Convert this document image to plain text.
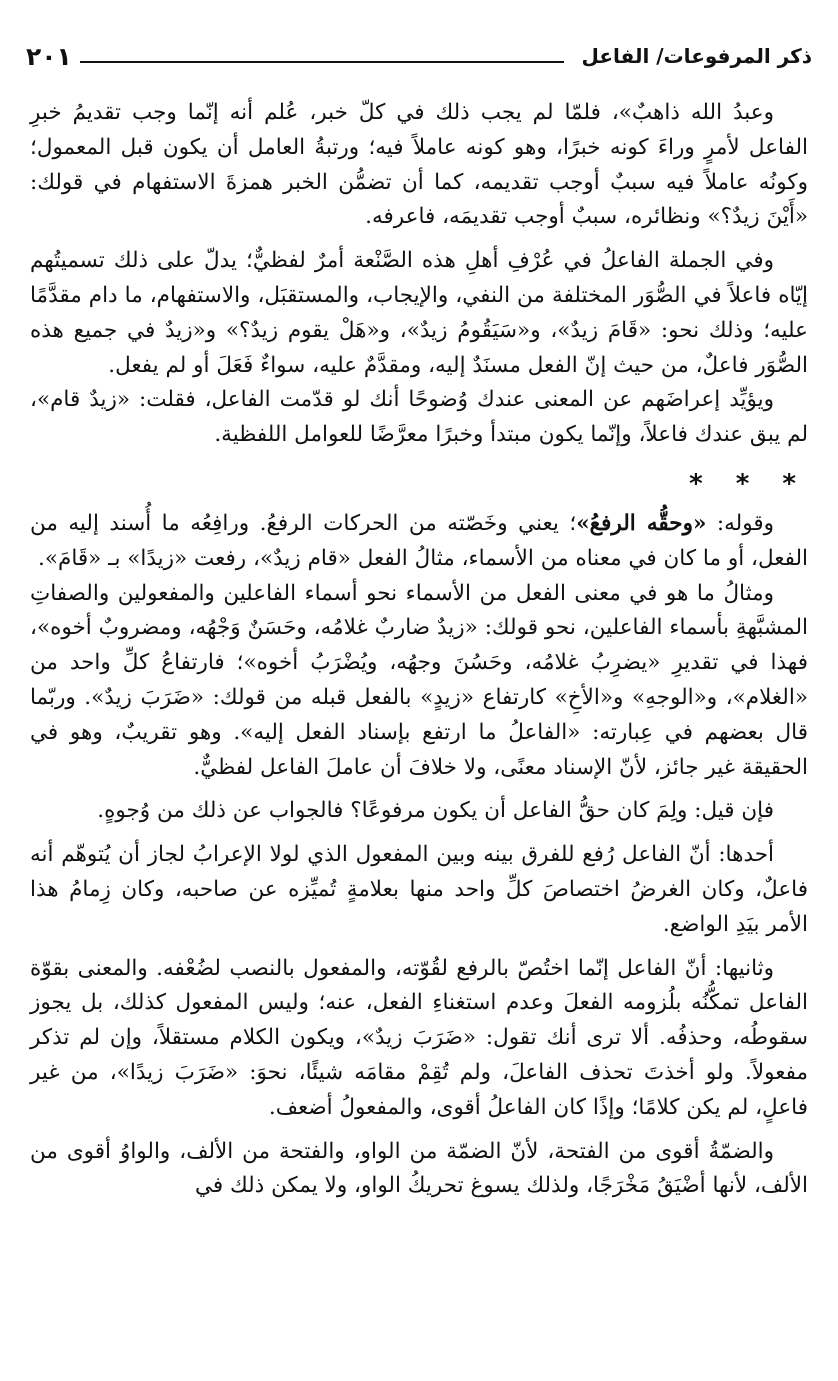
ذكر المرفوعات/ الفاعل
٢٠١

وعبدُ الله ذاهبٌ»، فلمّا لم يجب ذلك في كلّ خبر، عُلم أنه إنّما وجب تقديمُ خبرِ الفاعل لأمرٍ وراءَ كونه خبرًا، وهو كونه عاملاً فيه؛ ورتبةُ العامل أن يكون قبل المعمول؛ وكونُه عاملاً فيه سببٌ أوجب تقديمه، كما أن تضمُّن الخبر همزةَ الاستفهام في قولك: «أَيْنَ زيدٌ؟» ونظائره، سببٌ أوجب تقديمَه، فاعرفه.

وفي الجملة الفاعلُ في عُرْفِ أهلِ هذه الصَّنْعة أمرٌ لفظيٌّ؛ يدلّ على ذلك تسميتُهم إيّاه فاعلاً في الصُّوَر المختلفة من النفي، والإيجاب، والمستقبَل، والاستفهام، ما دام مقدَّمًا عليه؛ وذلك نحو: «قَامَ زيدٌ»، و«سَيَقُومُ زيدٌ»، و«هَلْ يقوم زيدٌ؟» و«زيدٌ في جميع هذه الصُّوَر فاعلٌ، من حيث إنّ الفعل مسنَدٌ إليه، ومقدَّمٌ عليه، سواءٌ فَعَلَ أو لم يفعل.

ويؤيِّد إعراضَهم عن المعنى عندك وُضوحًا أنك لو قدّمت الفاعل، فقلت: «زيدٌ قام»، لم يبق عندك فاعلاً، وإنّما يكون مبتدأ وخبرًا معرَّضًا للعوامل اللفظية.

* * *

وقوله: «وحقُّه الرفعُ»؛ يعني وخَصّته من الحركات الرفعُ. ورافِعُه ما أُسند إليه من الفعل، أو ما كان في معناه من الأسماء، مثالُ الفعل «قام زيدٌ»، رفعت «زيدًا» بـ «قَامَ».

ومثالُ ما هو في معنى الفعل من الأسماء نحو أسماء الفاعلين والمفعولين والصفاتِ المشبَّهةِ بأسماء الفاعلين، نحو قولك: «زيدٌ ضاربٌ غلامُه، وحَسَنٌ وَجْهُه، ومضروبٌ أخوه»، فهذا في تقديرِ «يضرِبُ غلامُه، وحَسُنَ وجهُه، ويُضْرَبُ أخوه»؛ فارتفاعُ كلِّ واحد من «الغلام»، و«الوجهِ» و«الأخِ» كارتفاع «زيدٍ» بالفعل قبله من قولك: «ضَرَبَ زيدٌ». وربّما قال بعضهم في عِبارته: «الفاعلُ ما ارتفع بإسناد الفعل إليه». وهو تقريبٌ، وهو في الحقيقة غير جائز، لأنّ الإسناد معنًى، ولا خلافَ أن عاملَ الفاعل لفظيٌّ.

فإن قيل: ولِمَ كان حقُّ الفاعل أن يكون مرفوعًا؟ فالجواب عن ذلك من وُجوهٍ.

أحدها: أنّ الفاعل رُفع للفرق بينه وبين المفعول الذي لولا الإعرابُ لجاز أن يُتوهّم أنه فاعلٌ، وكان الغرضُ اختصاصَ كلِّ واحد منها بعلامةٍ تُميِّزه عن صاحبه، وكان زِمامُ هذا الأمر بيَدِ الواضع.

وثانيها: أنّ الفاعل إنّما اختُصّ بالرفع لقُوّته، والمفعول بالنصب لضُعْفه. والمعنى بقوّة الفاعل تمكُّنُه بلُزومه الفعلَ وعدم استغناءِ الفعل، عنه؛ وليس المفعول كذلك، بل يجوز سقوطُه، وحذفُه. ألا ترى أنك تقول: «ضَرَبَ زيدٌ»، ويكون الكلام مستقلاً، وإن لم تذكر مفعولاً. ولو أخذتَ تحذف الفاعلَ، ولم تُقِمْ مقامَه شيئًا، نحوَ: «ضَرَبَ زيدًا»، من غير فاعلٍ، لم يكن كلامًا؛ وإذًا كان الفاعلُ أقوى، والمفعولُ أضعف.

والضمّةُ أقوى من الفتحة، لأنّ الضمّة من الواو، والفتحة من الألف، والواوُ أقوى من الألف، لأنها أضْيَقُ مَخْرَجًا، ولذلك يسوغ تحريكُ الواو، ولا يمكن ذلك في
